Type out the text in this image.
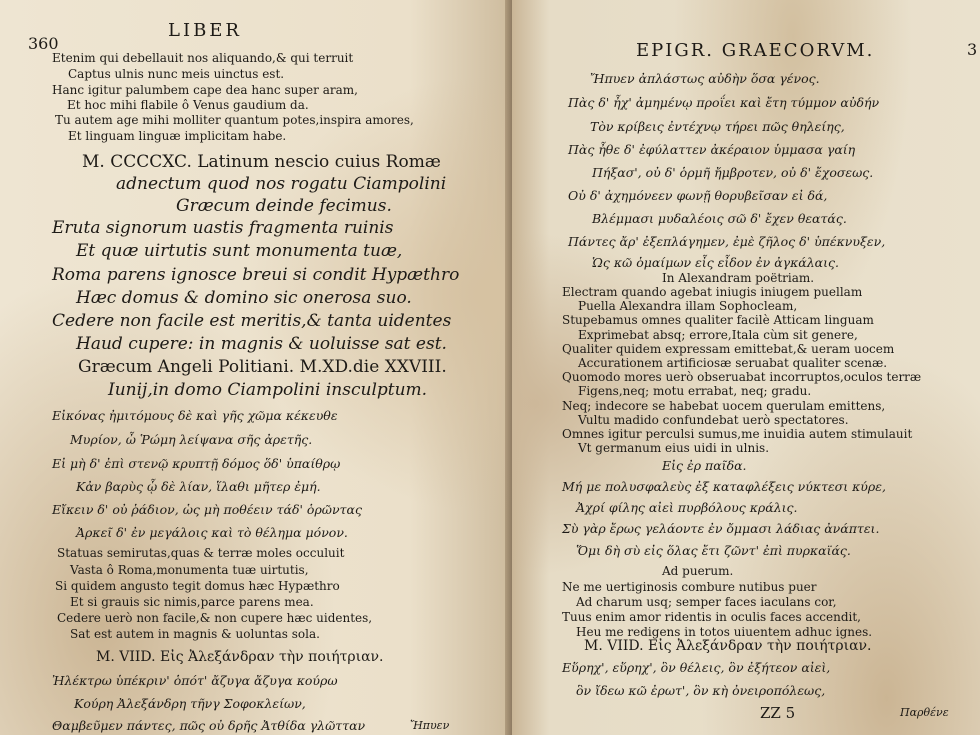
360
LIBER
Etenim qui debellauit nos aliquando,& qui terruit
Captus ulnis nunc meis uinctus est.
Hanc igitur palumbem cape dea hanc super aram,
Et hoc mihi flabile ô Venus gaudium da.
Tu autem age mihi molliter quantum potes,inspira amores,
Et linguam linguæ implicitam habe.
M. CCCCXC. Latinum nescio cuius Romæ
adnectum quod nos rogatu Ciampolini
Græcum deinde fecimus.
Eruta signorum uastis fragmenta ruinis
Et quæ uirtutis sunt monumenta tuæ,
Roma parens ignosce breui si condit Hypæthro
Hæc domus & domino sic onerosa suo.
Cedere non facile est meritis,& tanta uidentes
Haud cupere: in magnis & uoluisse sat est.
Græcum Angeli Politiani. M.XD.die XXVIII.
Iunij,in domo Ciampolini insculptum.
Εἰκόνας ἠμιτόμους δὲ καὶ γῆς χῶμα κέκευθε
Μυρίον, ὦ Ῥώμη λείψανα σῆς ἀρετῆς.
Εἰ μὴ δ' ἐπὶ στενῷ κρυπτῇ δόμος ὅδ' ὑπαίθρῳ
Κἀν βαρὺς ᾧ δὲ λίαν, ἵλαθι μῆτερ ἐμή.
Εἴκειν δ' οὐ ῥάδιον, ὡς μὴ ποθέειν τάδ' ὁρῶντας
Ἀρκεῖ δ' ἐν μεγάλοις καὶ τὸ θέλημα μόνον.
Statuas semirutas,quas & terræ moles occuluit
Vasta ô Roma,monumenta tuæ uirtutis,
Si quidem angusto tegit domus hæc Hypæthro
Et si grauis sic nimis,parce parens mea.
Cedere uerò non facile,& non cupere hæc uidentes,
Sat est autem in magnis & uoluntas sola.
M. VIID. Εἰς Ἀλεξάνδραν τὴν ποιήτριαν.
Ἠλέκτρω ὑπέκριν' ὁπότ' ἄζυγα ἄζυγα κούρω
Κούρη Ἀλεξάνδρη τῆνγ Σοφοκλείων,
Θαμβεῦμεν πάντες, πῶς οὐ δρῆς Ἀτθίδα γλῶτταν	Ἤπυεν
EPIGR. GRAECORVM.	3
Ἤπυεν ἀπλάστως αὐδὴν ὅσα γένος.
Πὰς δ' ἦχ' ἀμημένῳ προΐει καὶ ἔτη τύμμον αὐδήν
Τὸν κρίβεις ἐντέχνῳ τήρει πῶς θηλείης,
Πὰς ἦθε δ' ἐφύλαττεν ἀκέραιον ὑμμασα γαίη
Πήξασ', οὐ δ' ὁρμῆ ἤμβροτεν, οὐ δ' ἔχοσεως.
Οὐ δ' ἀχημόνεεν φωνῇ θορυβεῖσαν εἰ δά,
Βλέμμασι μυδαλέοις σῶ δ' ἔχεν θεατάς.
Πάντες ἄρ' ἐξεπλάγημεν, ἐμὲ ζῆλος δ' ὑπέκνυξεν,
Ὡς κῶ ὁμαίμων εἶς εἶδον ἐν ἀγκάλαις.
In Alexandram poëtriam.
Electram quando agebat iniugis iniugem puellam
Puella Alexandra illam Sophocleam,
Stupebamus omnes qualiter facilè Atticam linguam
Exprimebat absq; errore,Itala cùm sit genere,
Qualiter quidem expressam emittebat,& ueram uocem
Accurationem artificiosæ seruabat qualiter scenæ.
Quomodo mores uerò obseruabat incorruptos,oculos terræ
Figens,neq; motu errabat, neq; gradu.
Neq; indecore se habebat uocem querulam emittens,
Vultu madido confundebat uerò spectatores.
Omnes igitur perculsi sumus,me inuidia autem stimulauit
Vt germanum eius uidi in ulnis.
Εἰς ἐρ παῖδα.
Μή με πολυσφαλεὺς ἐξ καταφλέξεις νύκτεσι κύρε,
Ἀχρί φίλης αἰεὶ πυρβόλους κράλις.
Σὺ γὰρ ἔρως γελάοντε ἐν ὄμμασι λάδιας ἀνάπτει.
Ὅμι δὴ σὺ εἰς ὅλας ἔτι ζῶντ' ἐπὶ πυρκαϊάς.
Ad puerum.
Ne me uertiginosis combure nutibus puer
Ad charum usq; semper faces iaculans cor,
Tuus enim amor ridentis in oculis faces accendit,
Heu me redigens in totos uiuentem adhuc ignes.
M. VIID. Εἰς Ἀλεξάνδραν τὴν ποιήτριαν.
Εὕρηχ', εὕρηχ', ὃν θέλεις, ὃν ἐξήτεον αἰεὶ,
ὃν ἴδεω κῶ ἐρωτ', ὃν κὴ ὀνειροπόλεως,
ZZ 5	Παρθένε
